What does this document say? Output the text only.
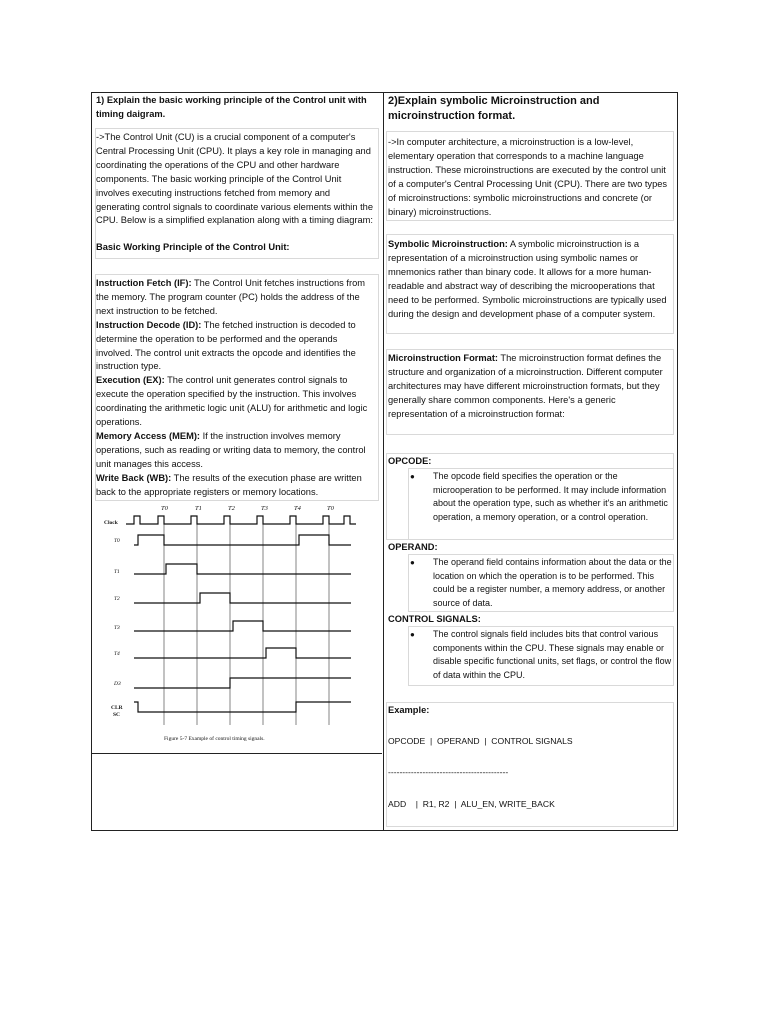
1) Explain the basic working principle of the Control unit with timing daigram.
->The Control Unit (CU) is a crucial component of a computer's Central Processing Unit (CPU). It plays a key role in managing and coordinating the operations of the CPU and other hardware components. The basic working principle of the Control Unit involves executing instructions fetched from memory and generating control signals to coordinate various elements within the CPU. Below is a simplified explanation along with a timing diagram:
Basic Working Principle of the Control Unit:
Instruction Fetch (IF): The Control Unit fetches instructions from the memory. The program counter (PC) holds the address of the next instruction to be fetched.
Instruction Decode (ID): The fetched instruction is decoded to determine the operation to be performed and the operands involved. The control unit extracts the opcode and identifies the instruction type.
Execution (EX): The control unit generates control signals to execute the operation specified by the instruction. This involves coordinating the arithmetic logic unit (ALU) for arithmetic and logic operations.
Memory Access (MEM): If the instruction involves memory operations, such as reading or writing data to memory, the control unit manages this access.
Write Back (WB): The results of the execution phase are written back to the appropriate registers or memory locations.
T0	T1	T2	T3	T4	T0
Clock
T0
T1
T2
T3
T4
D3
CLR
SC
Figure 5-7 Example of control timing signals.
2)Explain symbolic Microinstruction and microinstruction format.
->In computer architecture, a microinstruction is a low-level, elementary operation that corresponds to a machine language instruction. These microinstructions are executed by the control unit of a computer's Central Processing Unit (CPU). There are two types of microinstructions: symbolic microinstructions and concrete (or binary) microinstructions.
Symbolic Microinstruction: A symbolic microinstruction is a representation of a microinstruction using symbolic names or mnemonics rather than binary code. It allows for a more human-readable and abstract way of describing the microoperations that need to be performed. Symbolic microinstructions are typically used during the design and development phase of a computer system.
Microinstruction Format: The microinstruction format defines the structure and organization of a microinstruction. Different computer architectures may have different microinstruction formats, but they generally share common components. Here's a generic representation of a microinstruction format:
OPCODE:
● The opcode field specifies the operation or the microoperation to be performed. It may include information about the operation type, such as whether it's an arithmetic operation, a memory operation, or a control operation.
OPERAND:
● The operand field contains information about the data or the location on which the operation is to be performed. This could be a register number, a memory address, or another source of data.
CONTROL SIGNALS:
● The control signals field includes bits that control various components within the CPU. These signals may enable or disable specific functional units, set flags, or control the flow of data within the CPU.
Example:
OPCODE  |  OPERAND  |  CONTROL SIGNALS
------------------------------------------
ADD    |  R1, R2  |  ALU_EN, WRITE_BACK
